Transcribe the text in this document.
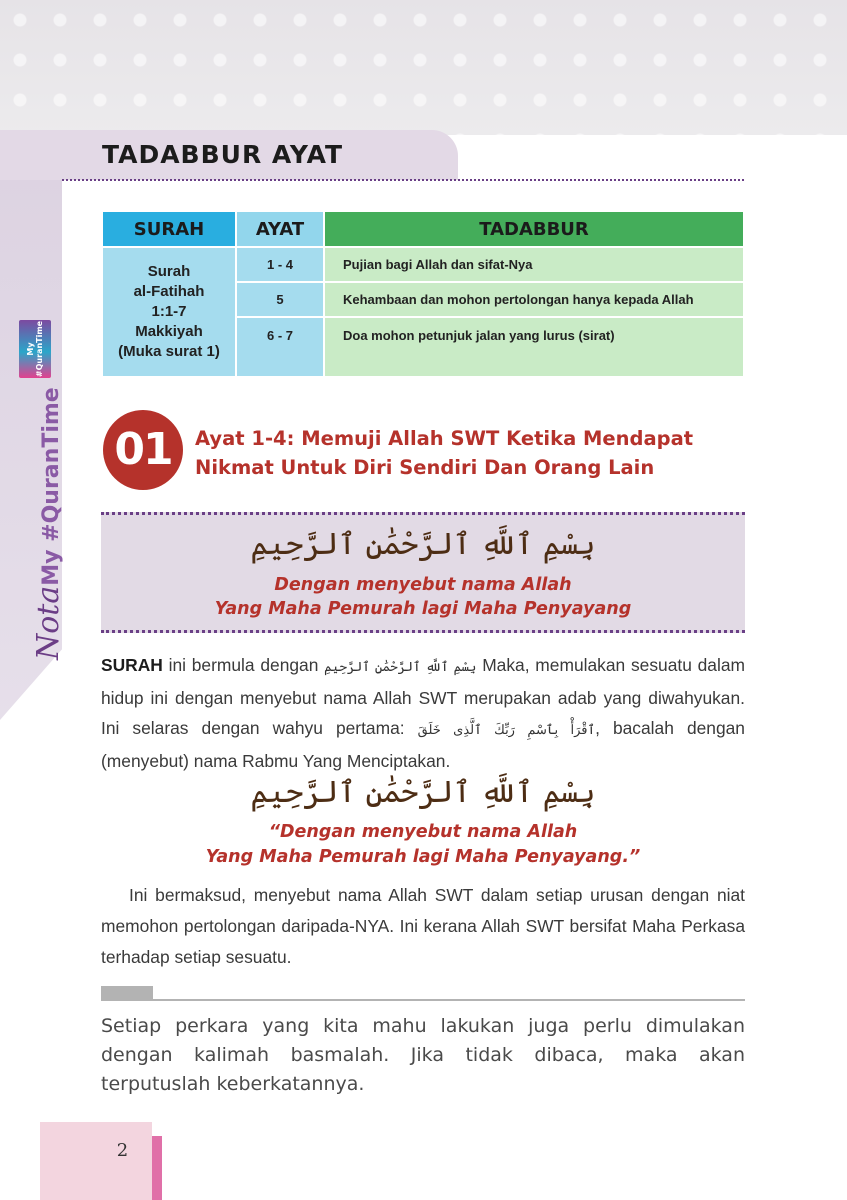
TADABBUR AYAT
My
#QuranTime
NotaMy #QuranTime
SURAH	AYAT	TADABBUR
Surah
al-Fatihah
1:1-7
Makkiyah
(Muka surat 1)	1 - 4	Pujian bagi Allah dan sifat-Nya
	5	Kehambaan dan mohon pertolongan hanya kepada Allah
	6 - 7	Doa mohon petunjuk jalan yang lurus (sirat)
01	Ayat 1-4: Memuji Allah SWT Ketika Mendapat
Nikmat Untuk Diri Sendiri Dan Orang Lain
بِسْمِ ٱللَّهِ ٱلرَّحْمَٰنِ ٱلرَّحِيمِ
Dengan menyebut nama Allah
Yang Maha Pemurah lagi Maha Penyayang

SURAH ini bermula dengan بِسْمِ ٱللَّهِ ٱلرَّحْمَٰنِ ٱلرَّحِيمِ Maka, memulakan sesuatu dalam hidup ini dengan menyebut nama Allah SWT merupakan adab yang diwahyukan. Ini selaras dengan wahyu pertama: ٱقْرَأْ بِٱسْمِ رَبِّكَ ٱلَّذِى خَلَقَ, bacalah dengan (menyebut) nama Rabmu Yang Menciptakan.

بِسْمِ ٱللَّهِ ٱلرَّحْمَٰنِ ٱلرَّحِيمِ
“Dengan menyebut nama Allah
Yang Maha Pemurah lagi Maha Penyayang.”

Ini bermaksud, menyebut nama Allah SWT dalam setiap urusan dengan niat memohon pertolongan daripada-NYA. Ini kerana Allah SWT bersifat Maha Perkasa terhadap setiap sesuatu.

Setiap perkara yang kita mahu lakukan juga perlu dimulakan dengan kalimah basmalah. Jika tidak dibaca, maka akan terputuslah keberkatannya.

2
